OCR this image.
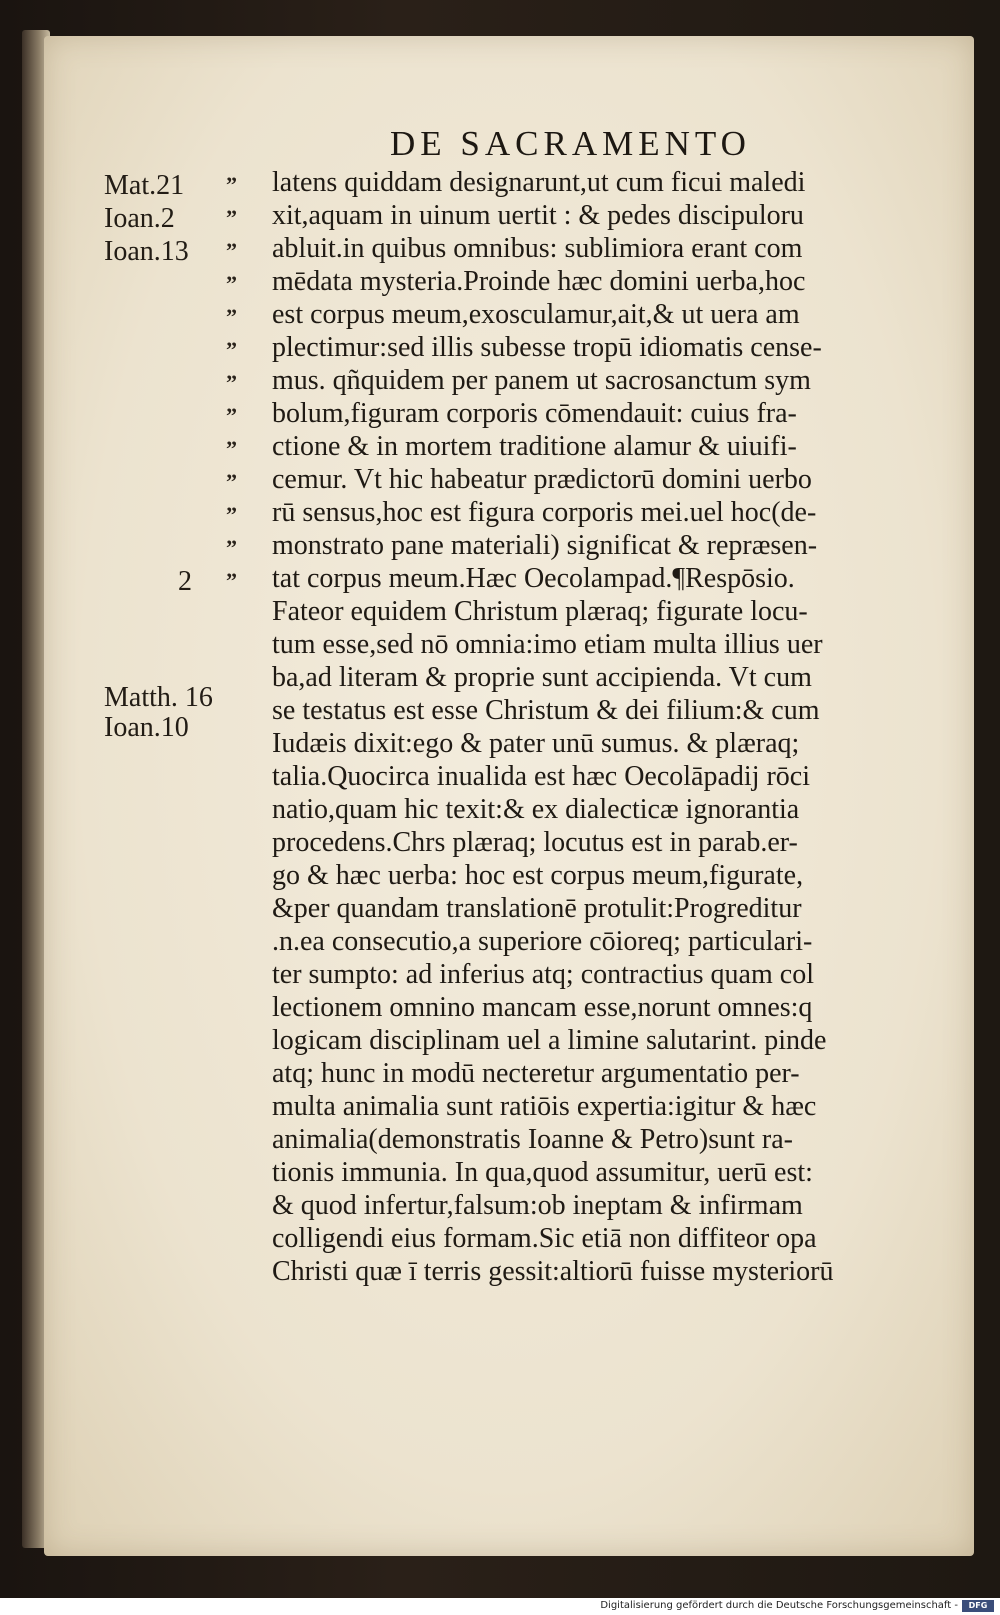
DE SACRAMENTO
latens quiddam designarunt,ut cum ficui maledi
xit,aquam in uinum uertit : & pedes discipuloru
abluit.in quibus omnibus: sublimiora erant com
mēdata mysteria.Proinde hæc domini uerba,hoc
est corpus meum,exosculamur,ait,& ut uera am
plectimur:sed illis subesse tropū idiomatis cense-
mus. qñquidem per panem ut sacrosanctum sym
bolum,figuram corporis cōmendauit: cuius fra-
ctione & in mortem traditione alamur & uiuifi-
cemur. Vt hic habeatur prædictorū domini uerbo
rū sensus,hoc est figura corporis mei.uel hoc(de-
monstrato pane materiali) significat & repræsen-
tat corpus meum.Hæc Oecolampad.¶Respōsio.
Fateor equidem Christum plæraq; figurate locu-
tum esse,sed nō omnia:imo etiam multa illius uer
ba,ad literam & proprie sunt accipienda. Vt cum
se testatus est esse Christum & dei filium:& cum
Iudæis dixit:ego & pater unū sumus. & plæraq;
talia.Quocirca inualida est hæc Oecolāpadij rōci
natio,quam hic texit:& ex dialecticæ ignorantia
procedens.Chrs plæraq; locutus est in parab.er-
go & hæc uerba: hoc est corpus meum,figurate,
&per quandam translationē protulit:Progreditur
.n.ea consecutio,a superiore cōioreq; particulari-
ter sumpto: ad inferius atq; contractius quam col
lectionem omnino mancam esse,norunt omnes:q
logicam disciplinam uel a limine salutarint. pinde
atq; hunc in modū necteretur argumentatio per-
multa animalia sunt ratiōis expertia:igitur & hæc
animalia(demonstratis Ioanne & Petro)sunt ra-
tionis immunia. In qua,quod assumitur, uerū est:
& quod infertur,falsum:ob ineptam & infirmam
colligendi eius formam.Sic etiā non diffiteor opa
Christi quæ ī terris gessit:altiorū fuisse mysteriorū
Mat.21
Ioan.2
Ioan.13
2
Matth. 16
Ioan.10
”
”
”
”
”
”
”
”
”
”
”
”
”
Digitalisierung gefördert durch die Deutsche Forschungsgemeinschaft -	DFG
